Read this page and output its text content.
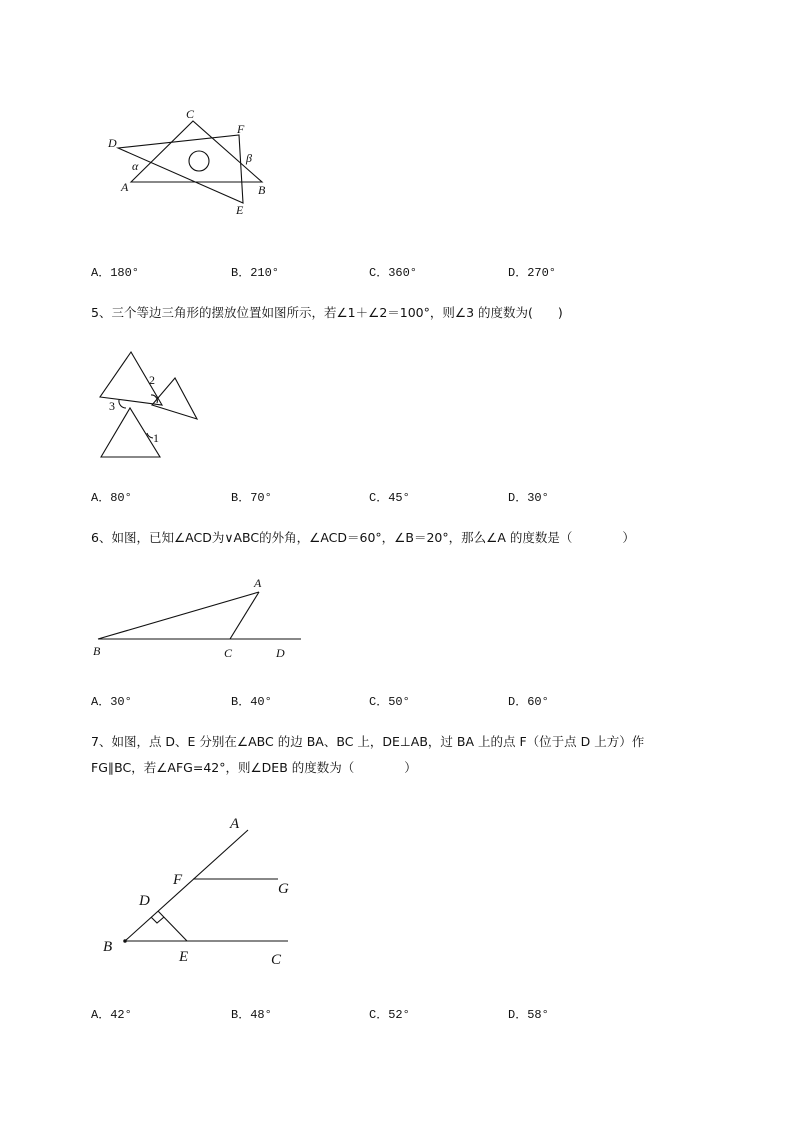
C
F
D
α
β
A	B
E
A．180°	B．210°	C．360°	D．270°
5、三个等边三角形的摆放位置如图所示，若∠1＋∠2＝100°，则∠3 的度数为(　　)
2
3
1
A．80°	B．70°	C．45°	D．30°
6、如图，已知∠ACD为∨ABC的外角，∠ACD＝60°，∠B＝20°，那么∠A 的度数是（　　　　）
A
B	C	D
A．30°	B．40°	C．50°	D．60°
7、如图，点 D、E 分别在∠ABC 的边 BA、BC 上，DE⊥AB，过 BA 上的点 F（位于点 D 上方）作
FG∥BC，若∠AFG=42°，则∠DEB 的度数为（　　　　）
A
F
G
D
B
E	C
A．42°	B．48°	C．52°	D．58°
